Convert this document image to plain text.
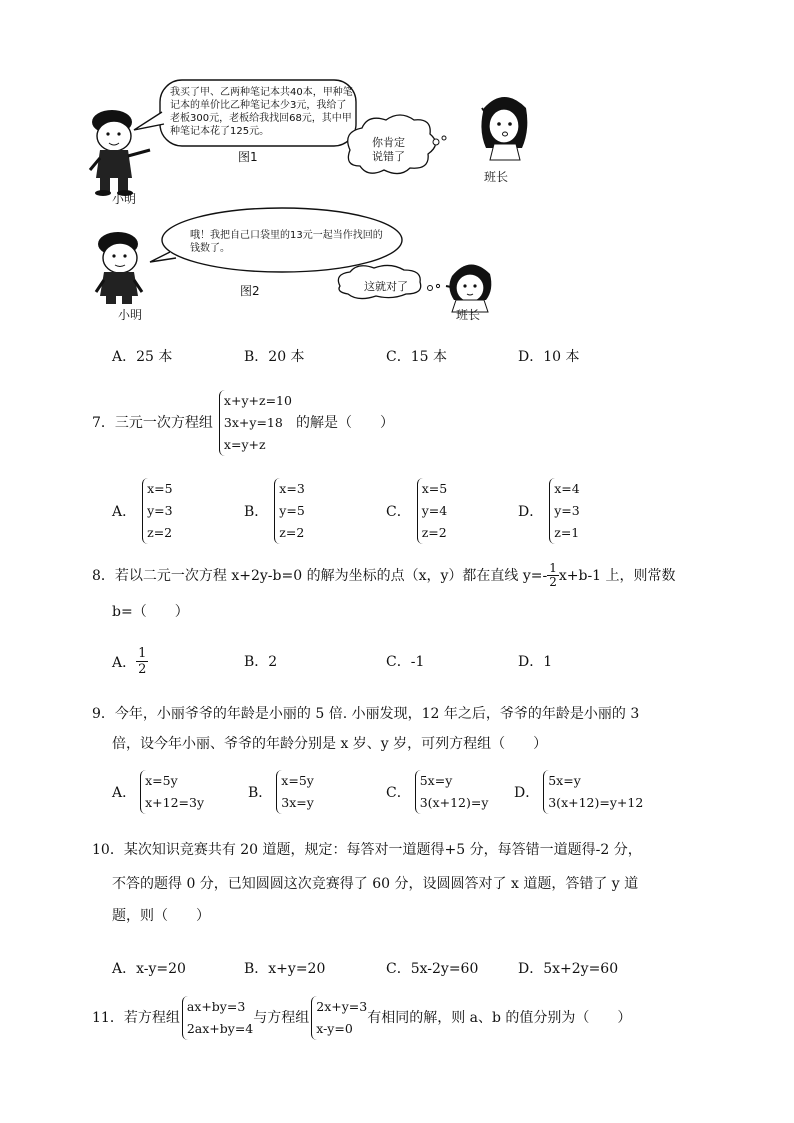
我买了甲、乙两种笔记本共40本，甲种笔记本的单价比乙种笔记本少3元，我给了老板300元，老板给我找回68元，其中甲种笔记本花了125元。
图1
你肯定说错了
小明
班长
哦！我把自己口袋里的13元一起当作找回的钱数了。
图2	这就对了
小明	班长
A．25 本	B．20 本	C．15 本	D．10 本
7．三元一次方程组
x+y+z=10
3x+y=18
x=y+z
的解是（　　）
A．
x=5
y=3
z=2
B．
x=3
y=5
z=2
C．
x=5
y=4
z=2
D．
x=4
y=3
z=1
8．若以二元一次方程 x+2y-b=0 的解为坐标的点（x，y）都在直线 $y=- \frac{1}{2} x+b-1$ 上，则常数
b=（　　）
A． $\frac{1}{2}$	B．2	C．-1	D．1
9．今年，小丽爷爷的年龄是小丽的 5 倍. 小丽发现，12 年之后，爷爷的年龄是小丽的 3
倍，设今年小丽、爷爷的年龄分别是 x 岁、y 岁，可列方程组（　　）
A．
x=5y
x+12=3y
B．
x=5y
3x=y
C．
5x=y
3(x+12)=y
D．
5x=y
3(x+12)=y+12
10．某次知识竞赛共有 20 道题，规定：每答对一道题得+5 分，每答错一道题得-2 分，
不答的题得 0 分，已知圆圆这次竞赛得了 60 分，设圆圆答对了 x 道题，答错了 y 道
题，则（　　）
A．x-y=20	B．x+y=20	C．5x-2y=60	D．5x+2y=60
11．若方程组
ax+by=3
2ax+by=4
与方程组
2x+y=3
x-y=0
有相同的解，则 a、b 的值分别为（　　）
